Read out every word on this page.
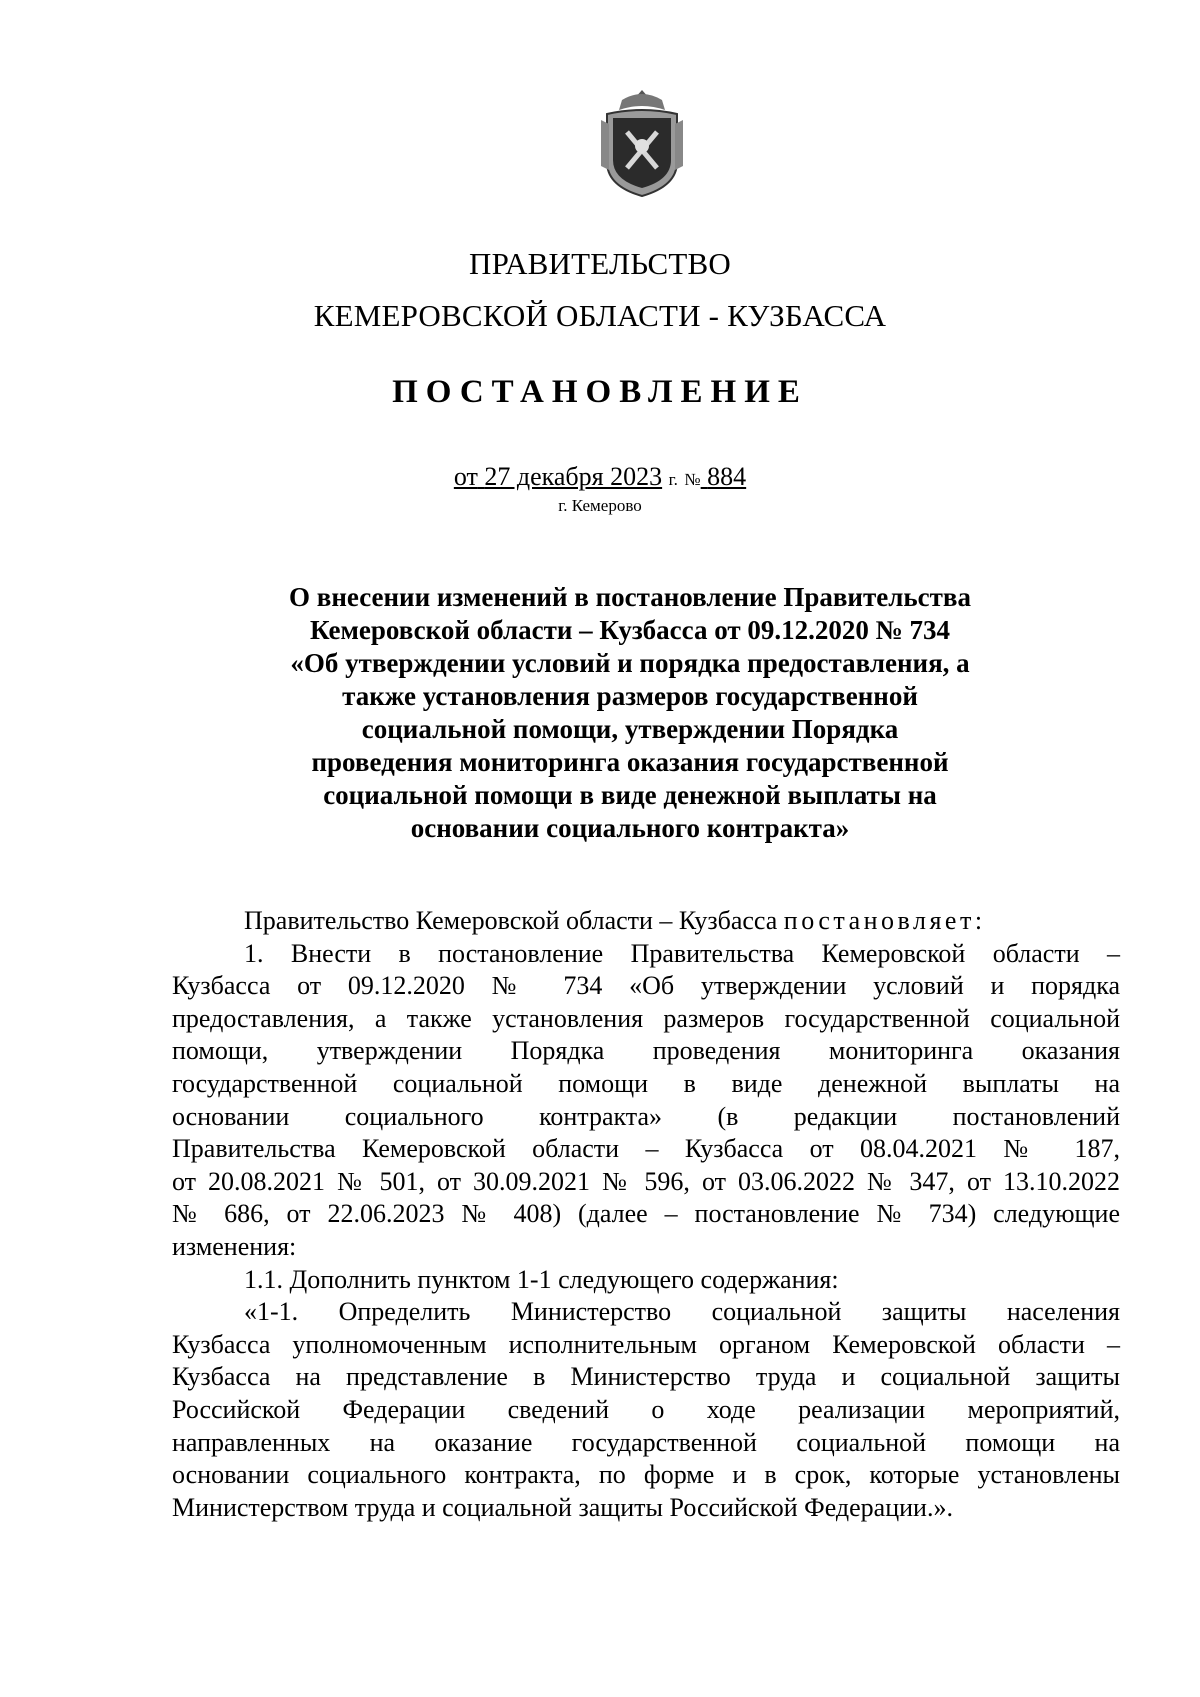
ПРАВИТЕЛЬСТВО
КЕМЕРОВСКОЙ ОБЛАСТИ - КУЗБАССА
ПОСТАНОВЛЕНИЕ
от 27 декабря 2023 г. № 884
г. Кемерово
О внесении изменений в постановление Правительства
Кемеровской области – Кузбасса от 09.12.2020 № 734
«Об утверждении условий и порядка предоставления, а
также установления размеров государственной
социальной помощи, утверждении Порядка
проведения мониторинга оказания государственной
социальной помощи в виде денежной выплаты на
основании социального контракта»
Правительство Кемеровской области – Кузбасса постановляет:
1. Внести в постановление Правительства Кемеровской области –
Кузбасса от 09.12.2020 № 734 «Об утверждении условий и порядка
предоставления, а также установления размеров государственной социальной
помощи, утверждении Порядка проведения мониторинга оказания
государственной социальной помощи в виде денежной выплаты на
основании социального контракта» (в редакции постановлений
Правительства Кемеровской области – Кузбасса от 08.04.2021 № 187,
от 20.08.2021 № 501, от 30.09.2021 № 596, от 03.06.2022 № 347, от 13.10.2022
№ 686, от 22.06.2023 № 408) (далее – постановление № 734) следующие
изменения:
1.1. Дополнить пунктом 1-1 следующего содержания:
«1-1. Определить Министерство социальной защиты населения
Кузбасса уполномоченным исполнительным органом Кемеровской области –
Кузбасса на представление в Министерство труда и социальной защиты
Российской Федерации сведений о ходе реализации мероприятий,
направленных на оказание государственной социальной помощи на
основании социального контракта, по форме и в срок, которые установлены
Министерством труда и социальной защиты Российской Федерации.».
